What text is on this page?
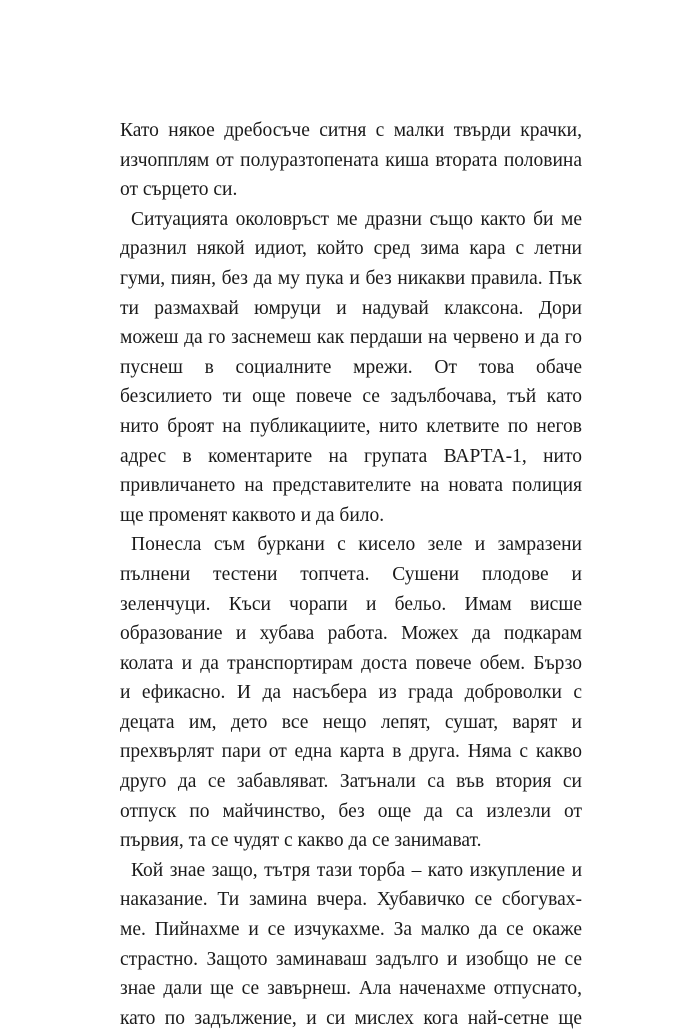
Като някое дребосъче ситня с малки твърди крачки,
изчопплям от полуразтопената киша втората половина
от сърцето си.

Ситуацията околовръст ме дразни също както би ме
дразнил някой идиот, който сред зима кара с летни
гуми, пиян, без да му пука и без никакви правила. Пък
ти размахвай юмруци и надувай клаксона. Дори
можеш да го заснемеш как пердаши на червено и да го
пуснеш в социалните мрежи. От това обаче
безсилието ти още повече се задълбочава, тъй като
нито броят на публикациите, нито клетвите по негов
адрес в коментарите на групата ВАРТА-1, нито
привличането на представителите на новата полиция
ще променят каквото и да било.

Понесла съм буркани с кисело зеле и замразени
пълнени тестени топчета. Сушени плодове и
зеленчуци. Къси чорапи и бельо. Имам висше
образование и хубава работа. Можех да подкарам
колата и да транспортирам доста повече обем. Бързо
и ефикасно. И да насъбера из града доброволки с
децата им, дето все нещо лепят, сушат, варят и
прехвърлят пари от една карта в друга. Няма с какво
друго да се забавляват. Затънали са във втория си
отпуск по майчинство, без още да са излезли от
първия, та се чудят с какво да се занимават.

Кой знае защо, тътря тази торба – като изкупление и
наказание. Ти замина вчера. Хубавичко се сбогувах-
ме. Пийнахме и се изчукахме. За малко да се окаже
страстно. Защото заминаваш задълго и изобщо не се
знае дали ще се завърнеш. Ала наченахме отпуснато,
като по задължение, и си мислех кога най-сетне ще
